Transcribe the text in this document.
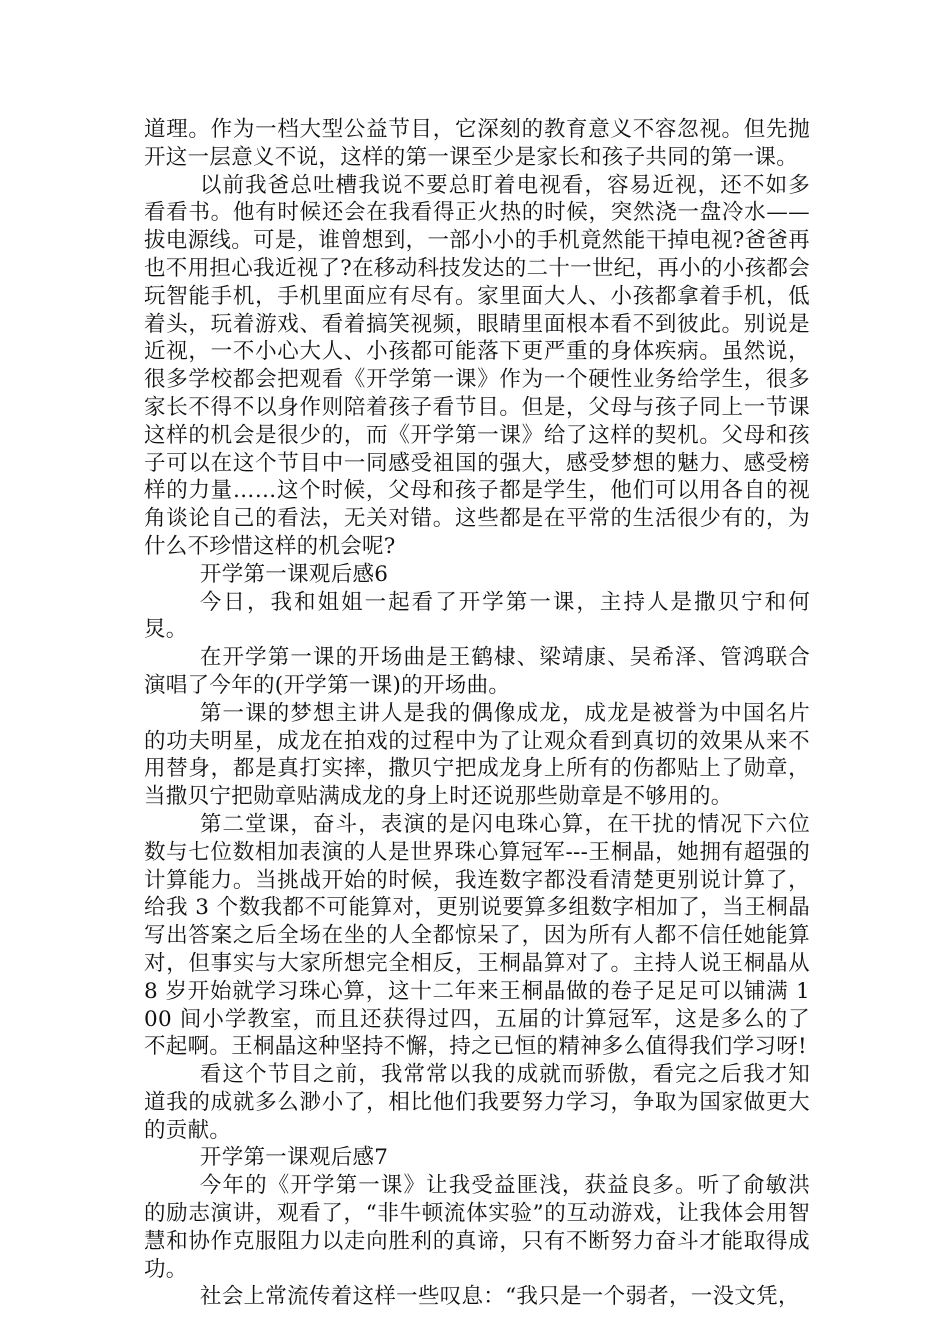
道理。作为一档大型公益节目，它深刻的教育意义不容忽视。但先抛开这一层意义不说，这样的第一课至少是家长和孩子共同的第一课。

以前我爸总吐槽我说不要总盯着电视看，容易近视，还不如多看看书。他有时候还会在我看得正火热的时候，突然浇一盘冷水——拔电源线。可是，谁曾想到，一部小小的手机竟然能干掉电视?爸爸再也不用担心我近视了?在移动科技发达的二十一世纪，再小的小孩都会玩智能手机，手机里面应有尽有。家里面大人、小孩都拿着手机，低着头，玩着游戏、看着搞笑视频，眼睛里面根本看不到彼此。别说是近视，一不小心大人、小孩都可能落下更严重的身体疾病。虽然说，很多学校都会把观看《开学第一课》作为一个硬性业务给学生，很多家长不得不以身作则陪着孩子看节目。但是，父母与孩子同上一节课这样的机会是很少的，而《开学第一课》给了这样的契机。父母和孩子可以在这个节目中一同感受祖国的强大，感受梦想的魅力、感受榜样的力量……这个时候，父母和孩子都是学生，他们可以用各自的视角谈论自己的看法，无关对错。这些都是在平常的生活很少有的，为什么不珍惜这样的机会呢?

开学第一课观后感6

今日，我和姐姐一起看了开学第一课，主持人是撒贝宁和何炅。

在开学第一课的开场曲是王鹤棣、梁靖康、吴希泽、管鸿联合演唱了今年的(开学第一课)的开场曲。

第一课的梦想主讲人是我的偶像成龙，成龙是被誉为中国名片的功夫明星，成龙在拍戏的过程中为了让观众看到真切的效果从来不用替身，都是真打实摔，撒贝宁把成龙身上所有的伤都贴上了勋章，当撒贝宁把勋章贴满成龙的身上时还说那些勋章是不够用的。

第二堂课，奋斗，表演的是闪电珠心算，在干扰的情况下六位数与七位数相加表演的人是世界珠心算冠军---王桐晶，她拥有超强的计算能力。当挑战开始的时候，我连数字都没看清楚更别说计算了，给我 3 个数我都不可能算对，更别说要算多组数字相加了，当王桐晶写出答案之后全场在坐的人全都惊呆了，因为所有人都不信任她能算对，但事实与大家所想完全相反，王桐晶算对了。主持人说王桐晶从 8 岁开始就学习珠心算，这十二年来王桐晶做的卷子足足可以铺满 100 间小学教室，而且还获得过四，五届的计算冠军，这是多么的了不起啊。王桐晶这种坚持不懈，持之已恒的精神多么值得我们学习呀!

看这个节目之前，我常常以我的成就而骄傲，看完之后我才知道我的成就多么渺小了，相比他们我要努力学习，争取为国家做更大的贡献。

开学第一课观后感7

今年的《开学第一课》让我受益匪浅，获益良多。听了俞敏洪的励志演讲，观看了，“非牛顿流体实验”的互动游戏，让我体会用智慧和协作克服阻力以走向胜利的真谛，只有不断努力奋斗才能取得成功。

社会上常流传着这样一些叹息：“我只是一个弱者，一没文凭，
